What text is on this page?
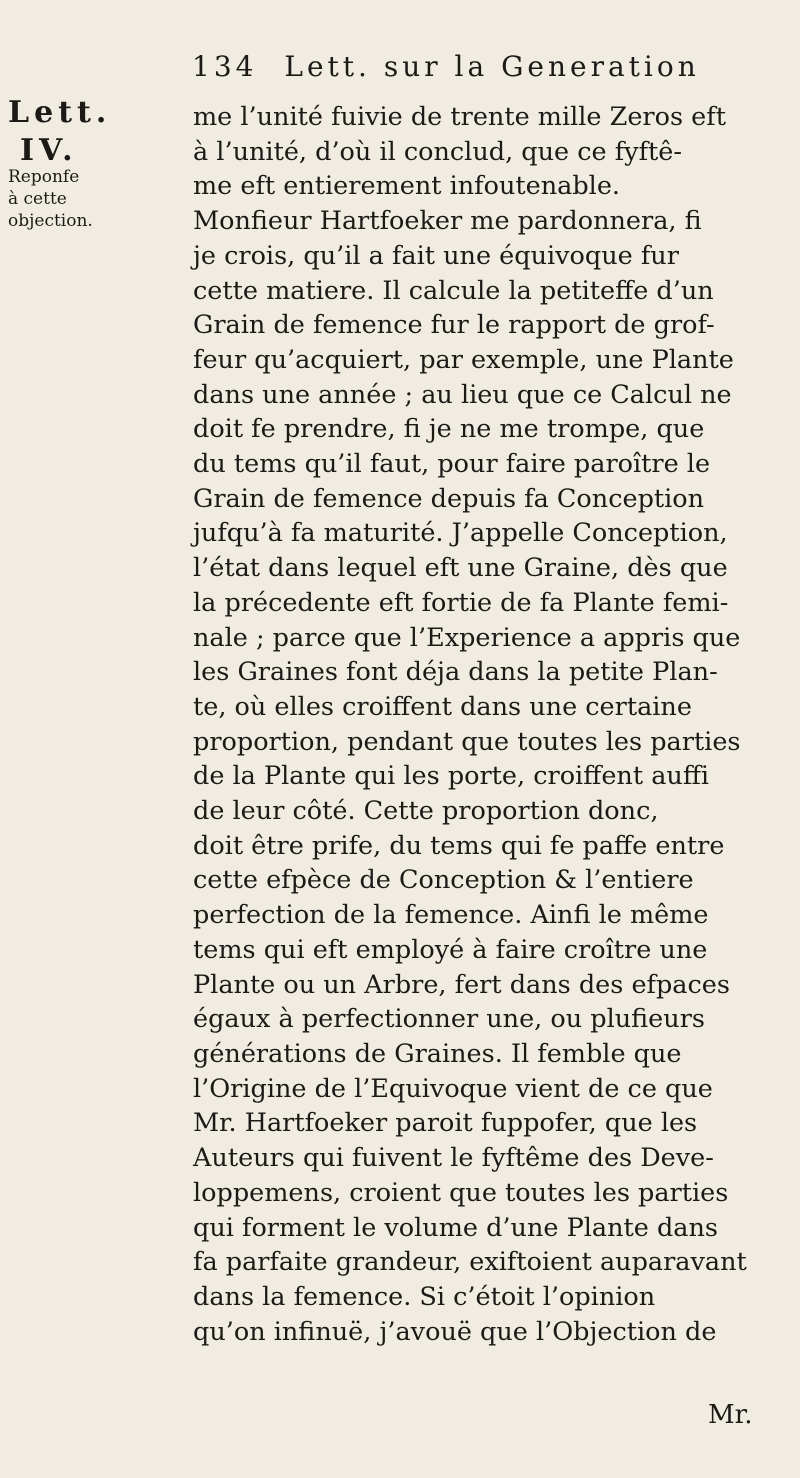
134 Lett. sur la Generation
Lett.
IV.
Reponfe
à cette
objection.
me l’unité fuivie de trente mille Zeros eft
à l’unité, d’où il conclud, que ce fyftê-
me eft entierement infoutenable.
Monfieur Hartfoeker me pardonnera, fi
je crois, qu’il a fait une équivoque fur
cette matiere. Il calcule la petiteffe d’un
Grain de femence fur le rapport de grof-
feur qu’acquiert, par exemple, une Plante
dans une année ; au lieu que ce Calcul ne
doit fe prendre, fi je ne me trompe, que
du tems qu’il faut, pour faire paroître le
Grain de femence depuis fa Conception
jufqu’à fa maturité. J’appelle Conception,
l’état dans lequel eft une Graine, dès que
la précedente eft fortie de fa Plante femi-
nale ; parce que l’Experience a appris que
les Graines font déja dans la petite Plan-
te, où elles croiffent dans une certaine
proportion, pendant que toutes les parties
de la Plante qui les porte, croiffent auffi
de leur côté. Cette proportion donc,
doit être prife, du tems qui fe paffe entre
cette efpèce de Conception & l’entiere
perfection de la femence. Ainfi le même
tems qui eft employé à faire croître une
Plante ou un Arbre, fert dans des efpaces
égaux à perfectionner une, ou plufieurs
générations de Graines. Il femble que
l’Origine de l’Equivoque vient de ce que
Mr. Hartfoeker paroit fuppofer, que les
Auteurs qui fuivent le fyftême des Deve-
loppemens, croient que toutes les parties
qui forment le volume d’une Plante dans
fa parfaite grandeur, exiftoient auparavant
dans la femence. Si c’étoit l’opinion
qu’on infinuë, j’avouë que l’Objection de
Mr.
